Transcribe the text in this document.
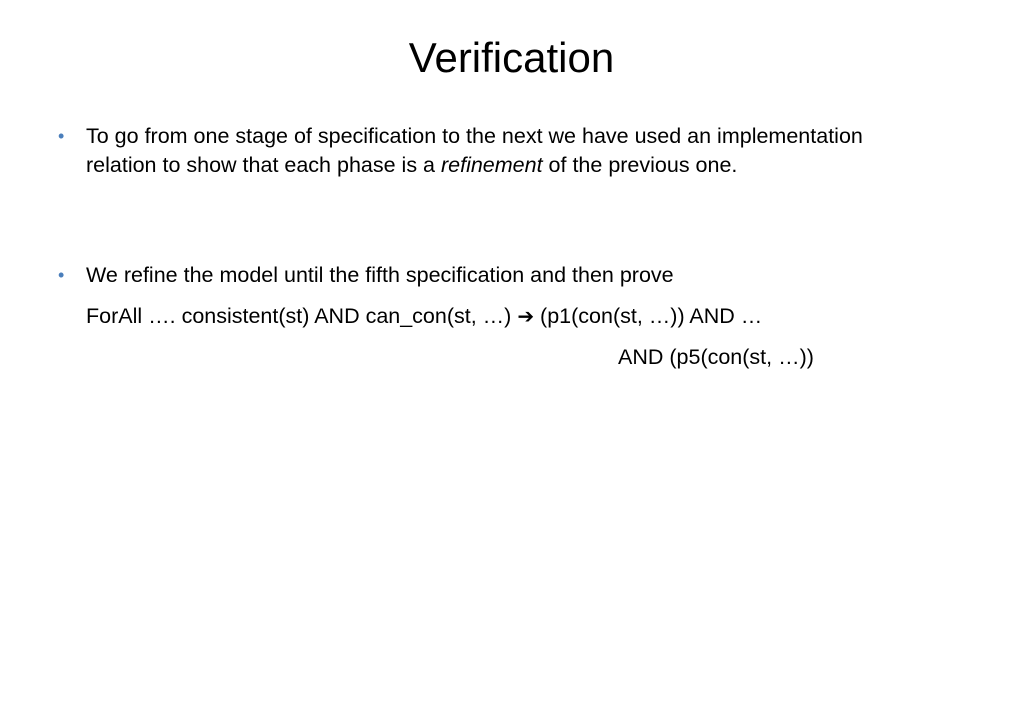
Verification
• To go from one stage of specification to the next we have used an implementation relation to show that each phase is a refinement of the previous one.
• We refine the model until the fifth specification and then prove
ForAll …. consistent(st) AND can_con(st, …) ➔ (p1(con(st, …)) AND …
AND (p5(con(st, …))
